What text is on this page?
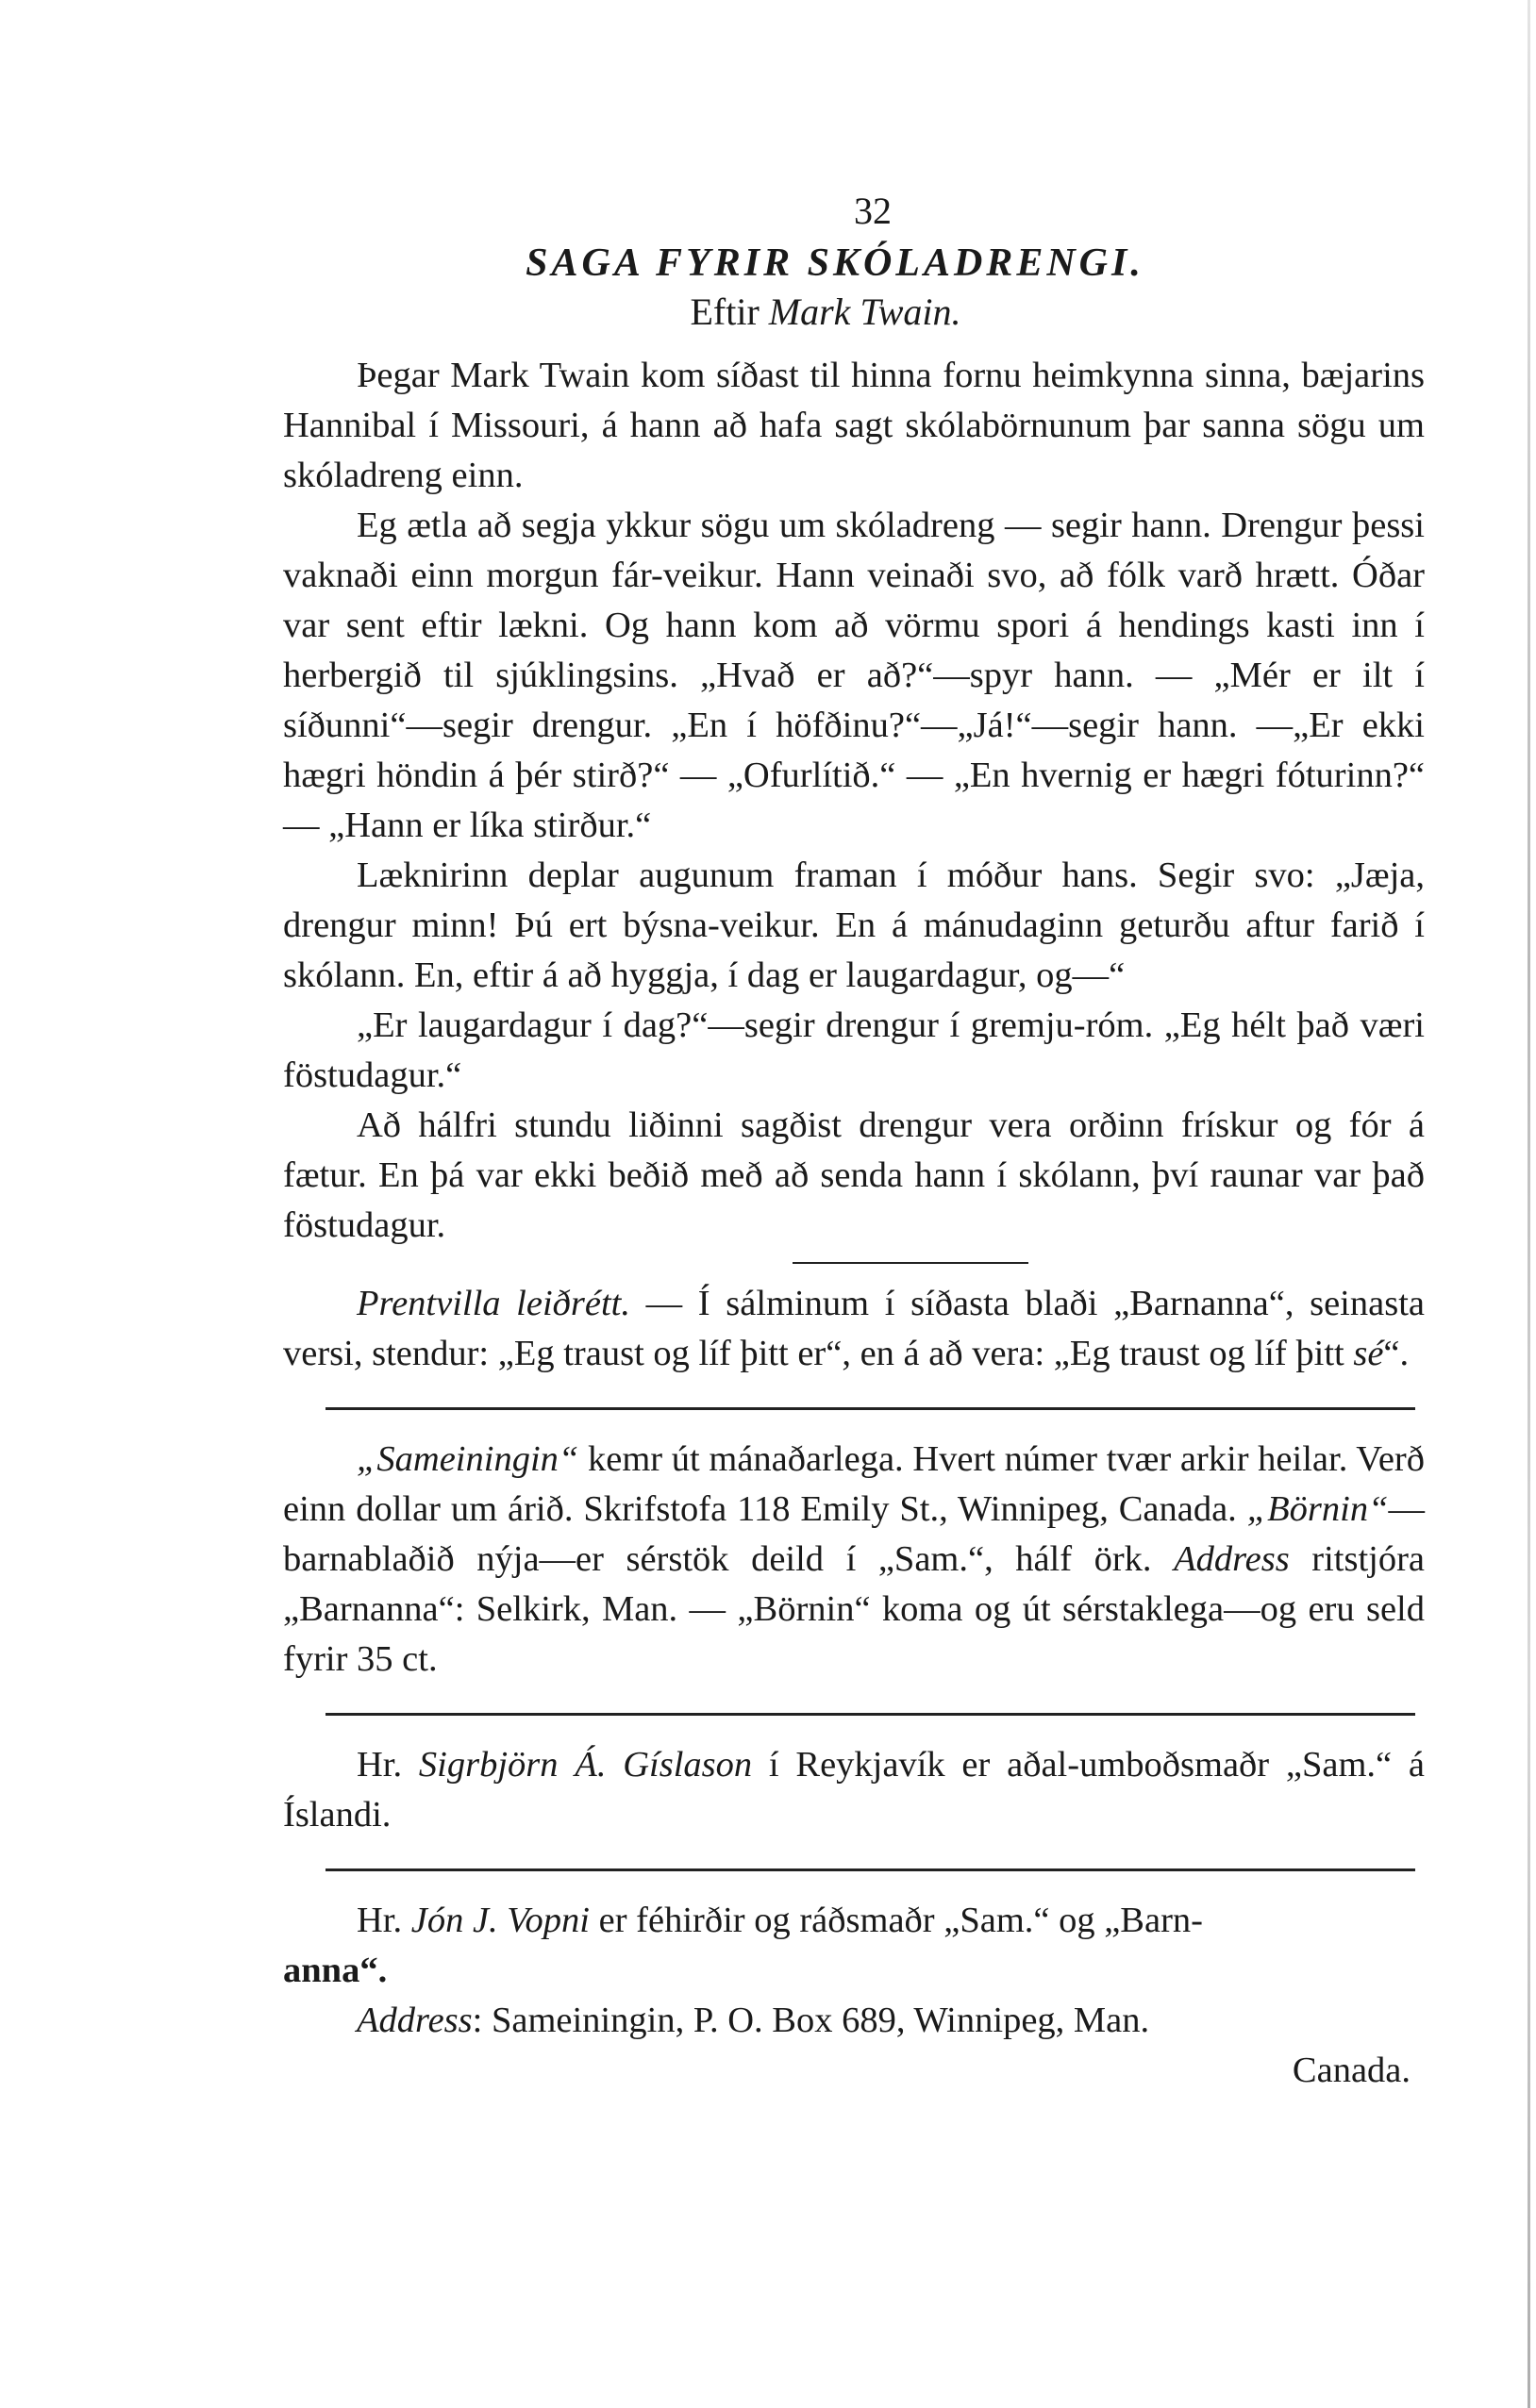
32
SAGA FYRIR SKÓLADRENGI.
Eftir Mark Twain.

Þegar Mark Twain kom síðast til hinna fornu heimkynna sinna, bæjarins Hannibal í Missouri, á hann að hafa sagt skólabörnunum þar sanna sögu um skóladreng einn.

Eg ætla að segja ykkur sögu um skóladreng — segir hann. Drengur þessi vaknaði einn morgun fár-veikur. Hann veinaði svo, að fólk varð hrætt. Óðar var sent eftir lækni. Og hann kom að vörmu spori á hendings kasti inn í herbergið til sjúklingsins. „Hvað er að?“—spyr hann. — „Mér er ilt í síðunni“—segir drengur. „En í höfðinu?“—„Já!“—segir hann. —„Er ekki hægri höndin á þér stirð?“ — „Ofurlítið.“ — „En hvernig er hægri fóturinn?“ — „Hann er líka stirður.“

Læknirinn deplar augunum framan í móður hans. Segir svo: „Jæja, drengur minn! Þú ert býsna-veikur. En á mánudaginn geturðu aftur farið í skólann. En, eftir á að hyggja, í dag er laugardagur, og—“

„Er laugardagur í dag?“—segir drengur í gremju-róm. „Eg hélt það væri föstudagur.“

Að hálfri stundu liðinni sagðist drengur vera orðinn frískur og fór á fætur. En þá var ekki beðið með að senda hann í skólann, því raunar var það föstudagur.

Prentvilla leiðrétt. — Í sálminum í síðasta blaði „Barnanna“, seinasta versi, stendur: „Eg traust og líf þitt er“, en á að vera: „Eg traust og líf þitt sé“.

„Sameiningin“ kemr út mánaðarlega. Hvert númer tvær arkir heilar. Verð einn dollar um árið. Skrifstofa 118 Emily St., Winnipeg, Canada. „Börnin“—barnablaðið nýja—er sérstök deild í „Sam.“, hálf örk. Address ritstjóra „Barnanna“: Selkirk, Man. — „Börnin“ koma og út sérstaklega—og eru seld fyrir 35 ct.

Hr. Sigrbjörn Á. Gíslason í Reykjavík er aðal-umboðsmaðr „Sam.“ á Íslandi.

Hr. Jón J. Vopni er féhirðir og ráðsmaðr „Sam.“ og „Barn-
anna“.

Address: Sameiningin, P. O. Box 689, Winnipeg, Man.

Canada.
